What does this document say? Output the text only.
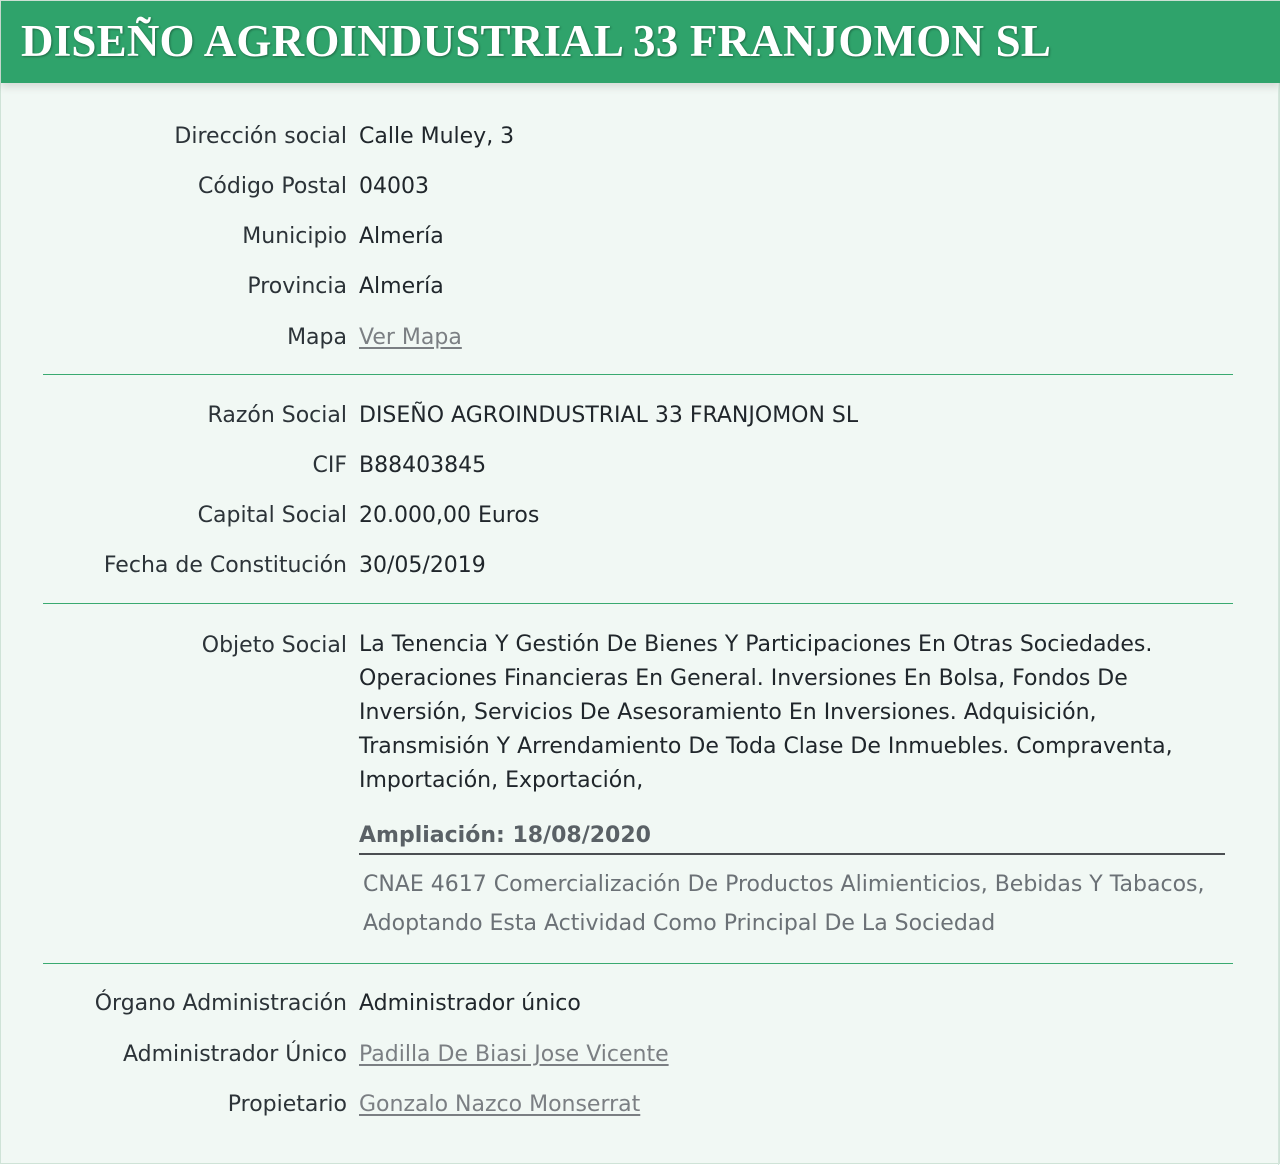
DISEÑO AGROINDUSTRIAL 33 FRANJOMON SL
Dirección social Calle Muley, 3
Código Postal 04003
Municipio Almería
Provincia Almería
Mapa Ver Mapa
Razón Social DISEÑO AGROINDUSTRIAL 33 FRANJOMON SL
CIF B88403845
Capital Social 20.000,00 Euros
Fecha de Constitución 30/05/2019
Objeto Social La Tenencia Y Gestión De Bienes Y Participaciones En Otras Sociedades. Operaciones Financieras En General. Inversiones En Bolsa, Fondos De Inversión, Servicios De Asesoramiento En Inversiones. Adquisición, Transmisión Y Arrendamiento De Toda Clase De Inmuebles. Compraventa, Importación, Exportación,
Ampliación: 18/08/2020
CNAE 4617 Comercialización De Productos Alimienticios, Bebidas Y Tabacos, Adoptando Esta Actividad Como Principal De La Sociedad
Órgano Administración Administrador único
Administrador Único Padilla De Biasi Jose Vicente
Propietario Gonzalo Nazco Monserrat
